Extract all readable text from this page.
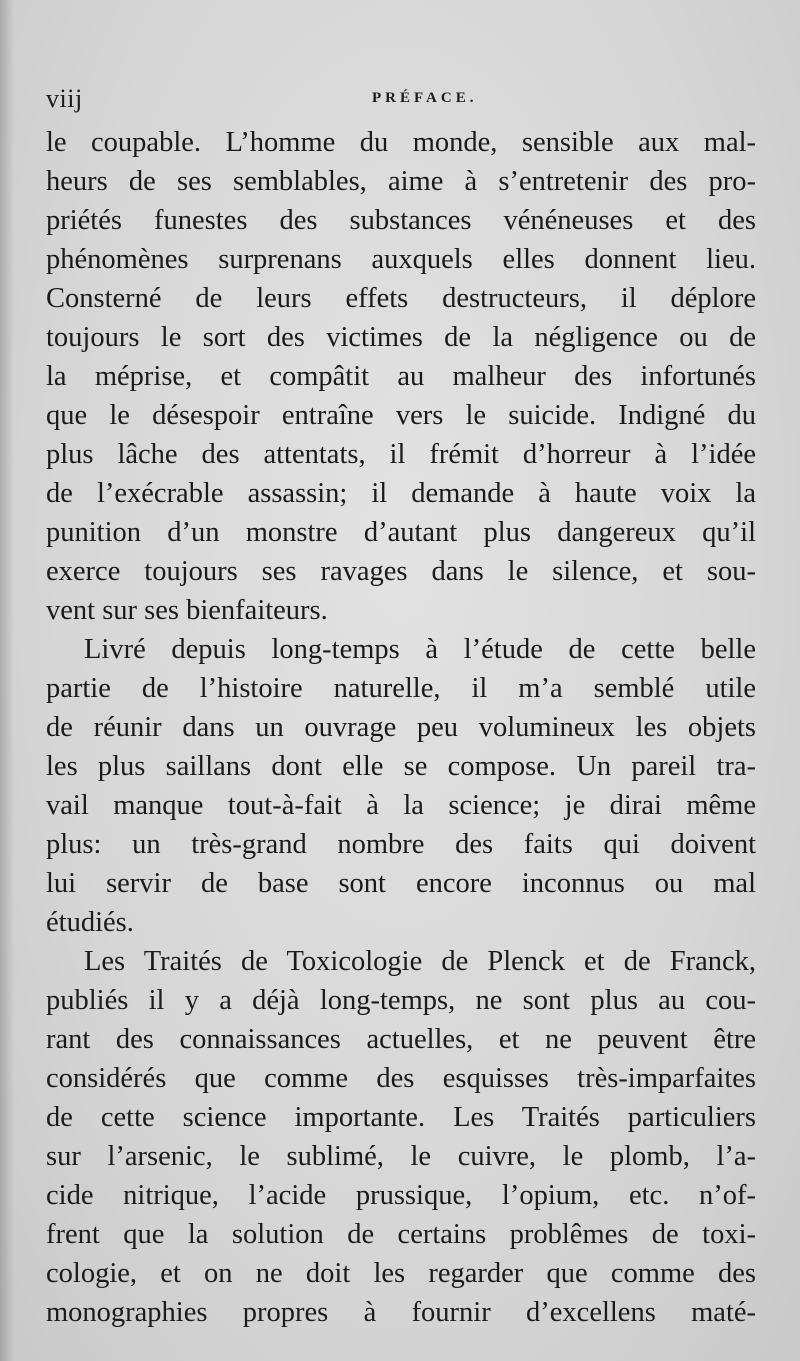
viij	PRÉFACE.
le coupable. L’homme du monde, sensible aux mal-
heurs de ses semblables, aime à s’entretenir des pro-
priétés funestes des substances vénéneuses et des
phénomènes surprenans auxquels elles donnent lieu.
Consterné de leurs effets destructeurs, il déplore
toujours le sort des victimes de la négligence ou de
la méprise, et compâtit au malheur des infortunés
que le désespoir entraîne vers le suicide. Indigné du
plus lâche des attentats, il frémit d’horreur à l’idée
de l’exécrable assassin; il demande à haute voix la
punition d’un monstre d’autant plus dangereux qu’il
exerce toujours ses ravages dans le silence, et sou-
vent sur ses bienfaiteurs.
Livré depuis long-temps à l’étude de cette belle
partie de l’histoire naturelle, il m’a semblé utile
de réunir dans un ouvrage peu volumineux les objets
les plus saillans dont elle se compose. Un pareil tra-
vail manque tout-à-fait à la science; je dirai même
plus: un très-grand nombre des faits qui doivent
lui servir de base sont encore inconnus ou mal
étudiés.
Les Traités de Toxicologie de Plenck et de Franck,
publiés il y a déjà long-temps, ne sont plus au cou-
rant des connaissances actuelles, et ne peuvent être
considérés que comme des esquisses très-imparfaites
de cette science importante. Les Traités particuliers
sur l’arsenic, le sublimé, le cuivre, le plomb, l’a-
cide nitrique, l’acide prussique, l’opium, etc. n’of-
frent que la solution de certains problêmes de toxi-
cologie, et on ne doit les regarder que comme des
monographies propres à fournir d’excellens maté-
